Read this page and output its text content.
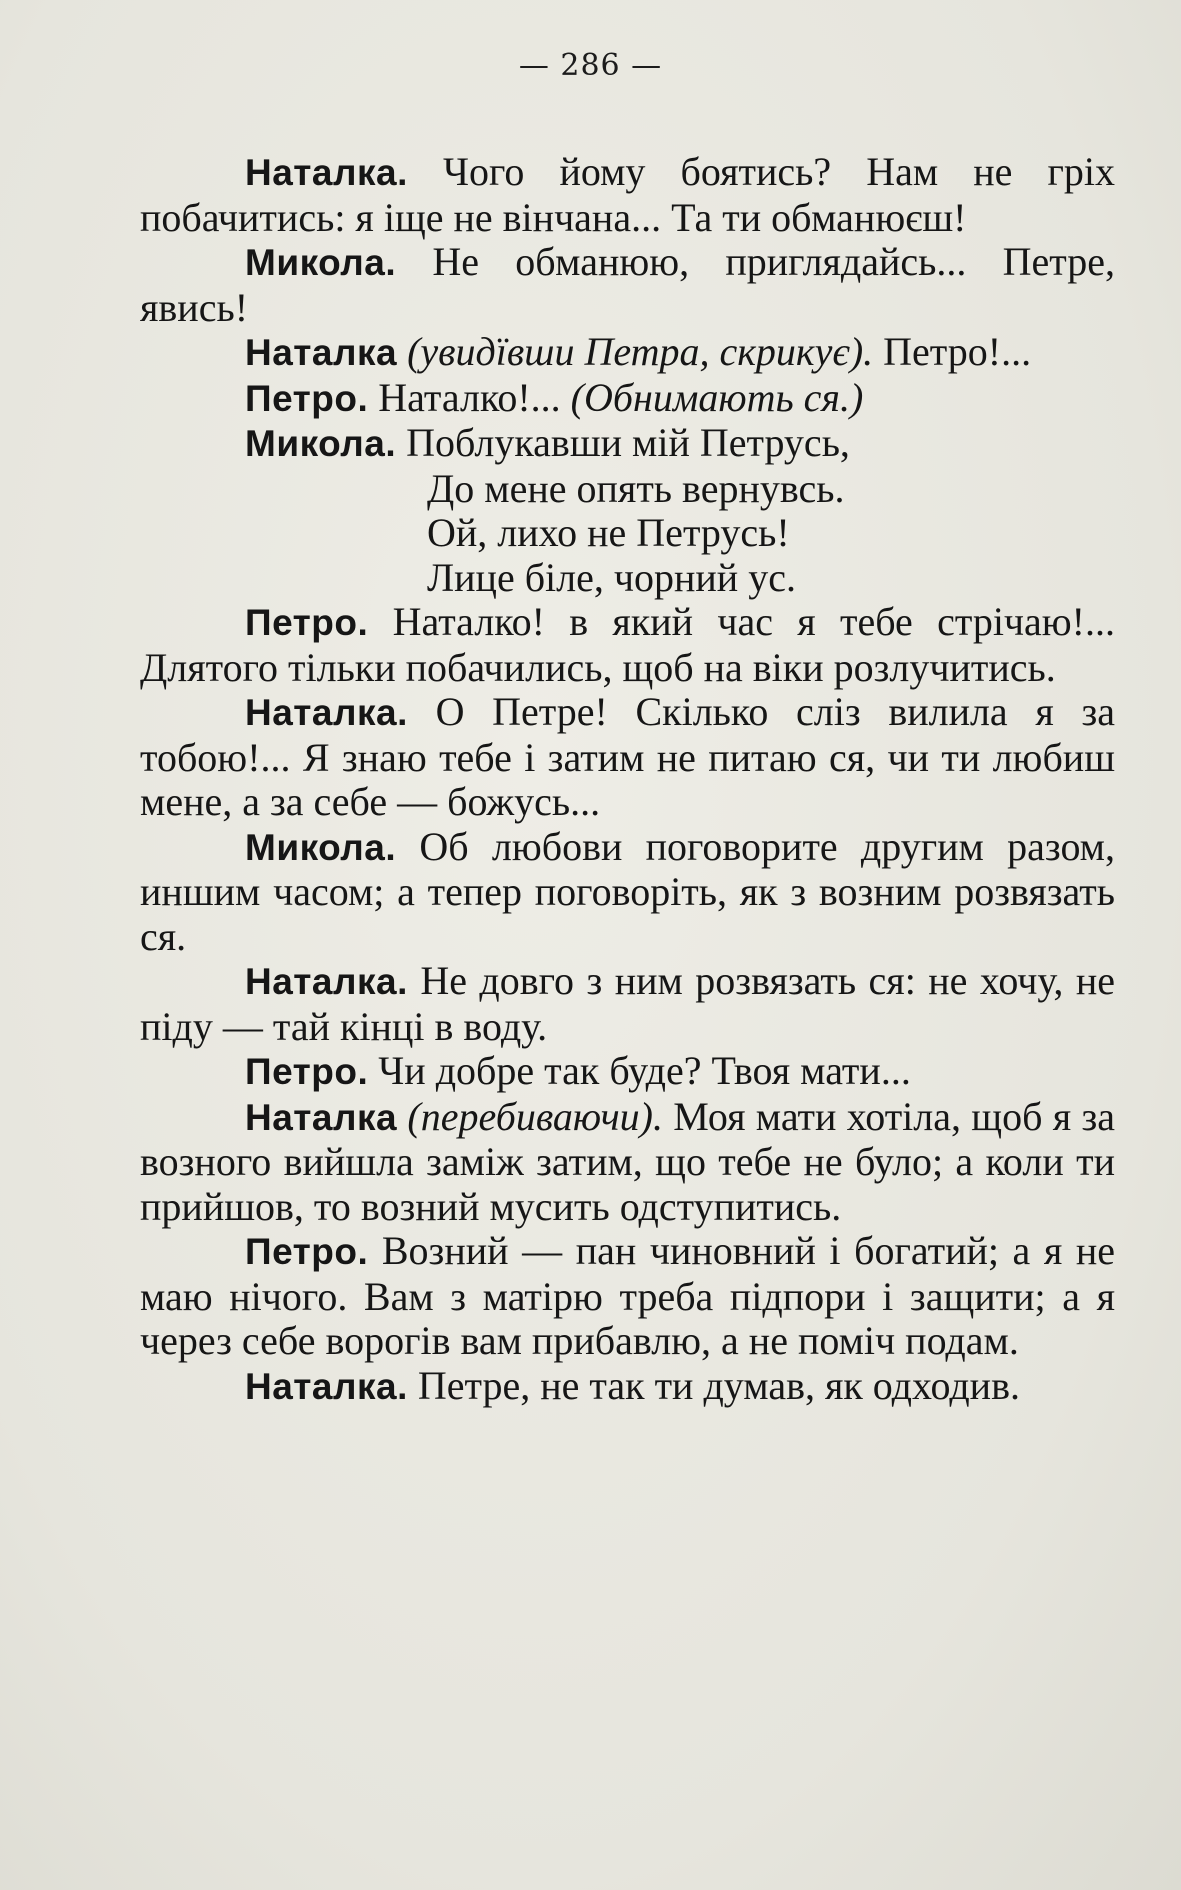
— 286 —

Наталка. Чого йому боятись? Нам не гріх побачитись: я іще не вінчана... Та ти обманюєш!

Микола. Не обманюю, приглядайсь... Петре, явись!

Наталка (увидївши Петра, скрикує). Петро!...

Петро. Наталко!... (Обнимають ся.)

Микола. Поблукавши мій Петрусь,

До мене опять вернувсь.

Ой, лихо не Петрусь!

Лице біле, чорний ус.

Петро. Наталко! в який час я тебе стрічаю!... Длятого тільки побачились, щоб на віки розлучитись.

Наталка. О Петре! Скілько сліз вилила я за тобою!... Я знаю тебе і затим не питаю ся, чи ти любиш мене, а за себе — божусь...

Микола. Об любови поговорите другим разом, иншим часом; а тепер поговоріть, як з возним розвязать ся.

Наталка. Не довго з ним розвязать ся: не хочу, не піду — тай кінці в воду.

Петро. Чи добре так буде? Твоя мати...

Наталка (перебиваючи). Моя мати хотіла, щоб я за возного вийшла заміж затим, що тебе не було; а коли ти прийшов, то возний мусить одступитись.

Петро. Возний — пан чиновний і богатий; а я не маю нічого. Вам з матірю треба підпори і защити; а я через себе ворогів вам прибавлю, а не поміч подам.

Наталка. Петре, не так ти думав, як одходив.
